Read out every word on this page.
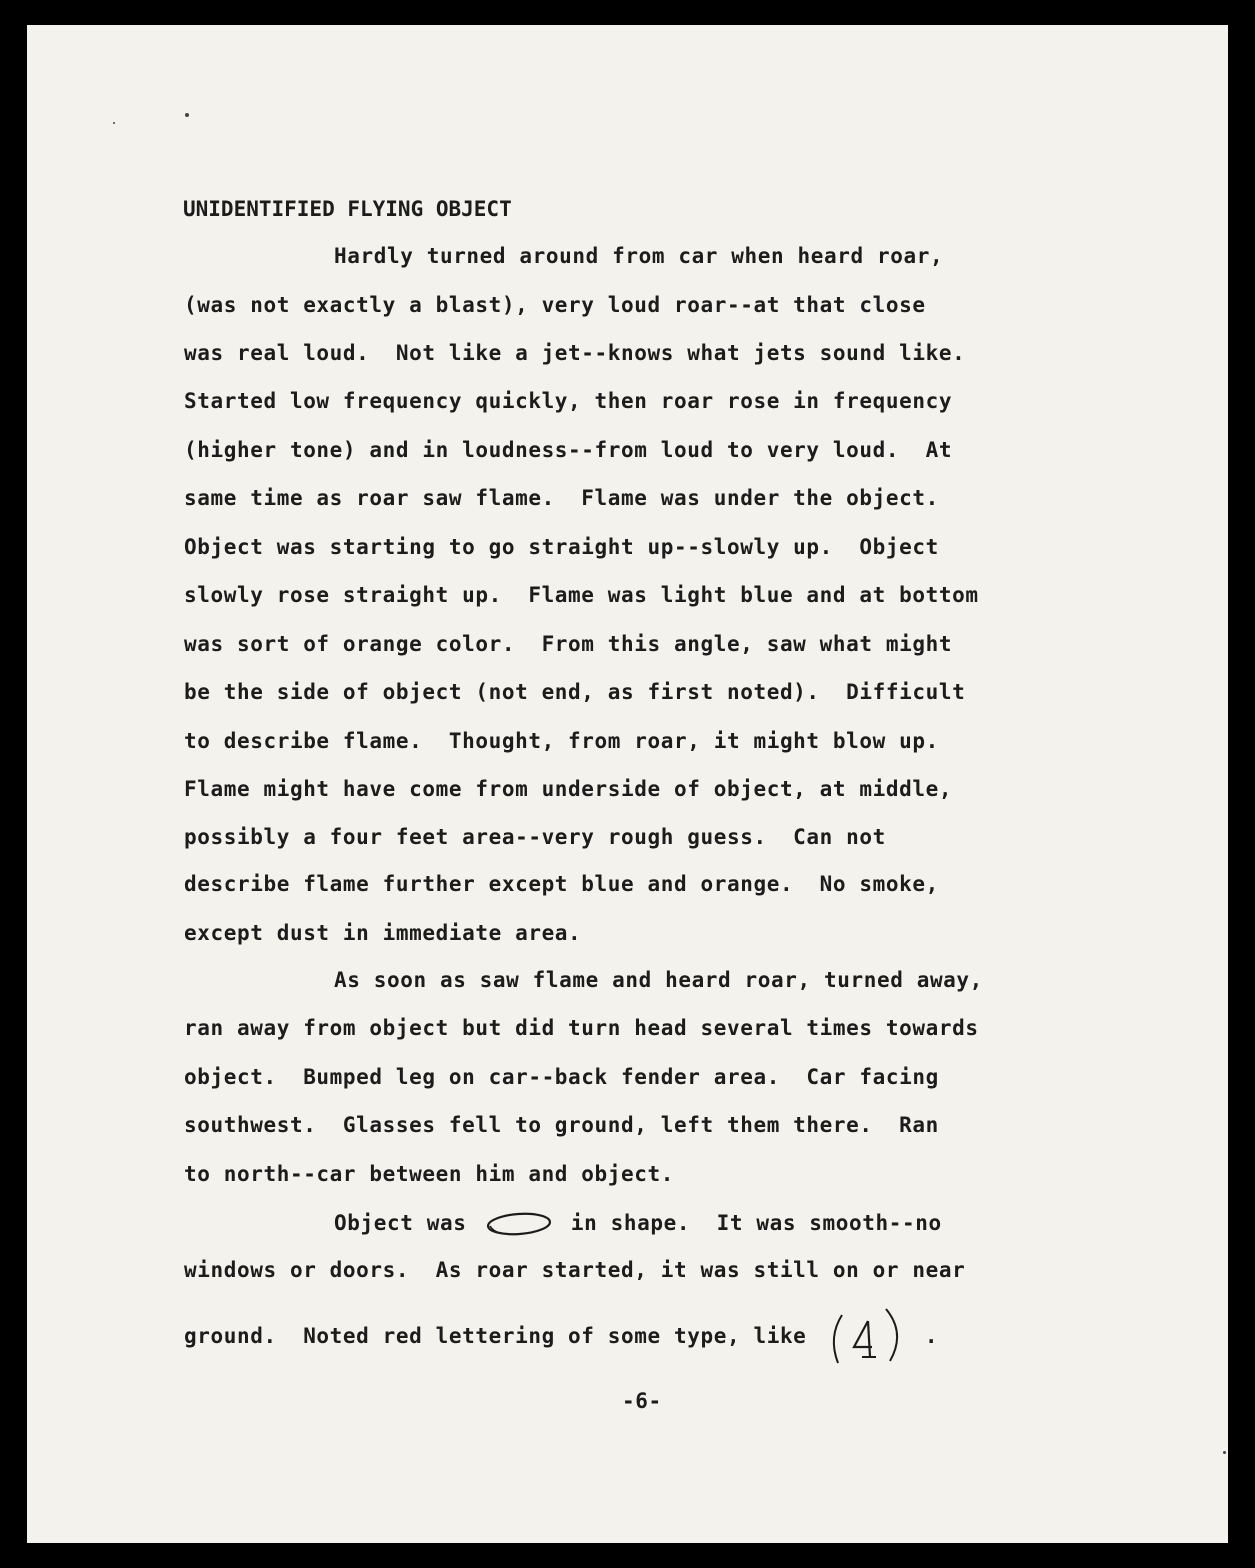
UNIDENTIFIED FLYING OBJECT
Hardly turned around from car when heard roar,
(was not exactly a blast), very loud roar--at that close
was real loud.  Not like a jet--knows what jets sound like.
Started low frequency quickly, then roar rose in frequency
(higher tone) and in loudness--from loud to very loud.  At
same time as roar saw flame.  Flame was under the object.
Object was starting to go straight up--slowly up.  Object
slowly rose straight up.  Flame was light blue and at bottom
was sort of orange color.  From this angle, saw what might
be the side of object (not end, as first noted).  Difficult
to describe flame.  Thought, from roar, it might blow up.
Flame might have come from underside of object, at middle,
possibly a four feet area--very rough guess.  Can not
describe flame further except blue and orange.  No smoke,
except dust in immediate area.
As soon as saw flame and heard roar, turned away,
ran away from object but did turn head several times towards
object.  Bumped leg on car--back fender area.  Car facing
southwest.  Glasses fell to ground, left them there.  Ran
to north--car between him and object.
Object was	in shape.  It was smooth--no
windows or doors.  As roar started, it was still on or near
ground.  Noted red lettering of some type, like	.
-6-
